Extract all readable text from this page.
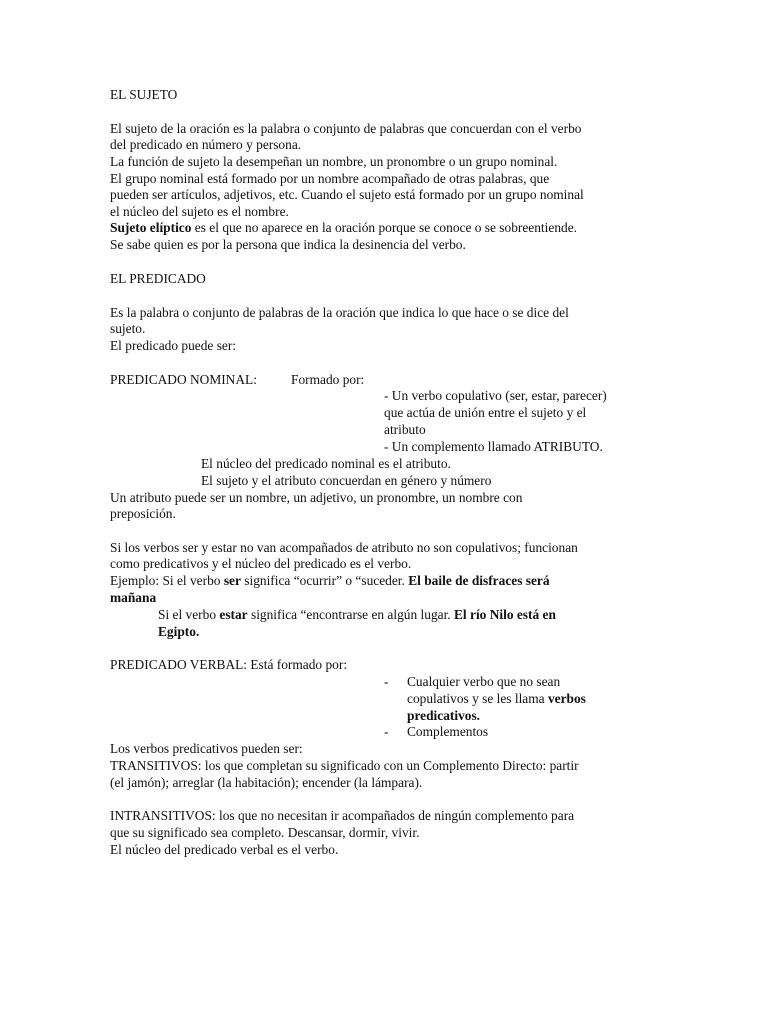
EL SUJETO
El sujeto de la oración es la palabra o conjunto de palabras que concuerdan con el verbo
del predicado en número y persona.
La función de sujeto la desempeñan un nombre, un pronombre o un grupo nominal.
El grupo nominal está formado por un nombre acompañado de otras palabras, que
pueden ser artículos, adjetivos, etc. Cuando el sujeto está formado por un grupo nominal
el núcleo del sujeto es el nombre.
Sujeto elíptico es el que no aparece en la oración porque se conoce o se sobreentiende.
Se sabe quien es por la persona que indica la desinencia del verbo.
EL PREDICADO
Es la palabra o conjunto de palabras de la oración que indica lo que hace o se dice del
sujeto.
El predicado puede ser:
PREDICADO NOMINAL:	Formado por:
- Un verbo copulativo (ser, estar, parecer)
que actúa de unión entre el sujeto y el
atributo
- Un complemento llamado ATRIBUTO.
El núcleo del predicado nominal es el atributo.
El sujeto y el atributo concuerdan en género y número
Un atributo puede ser un nombre, un adjetivo, un pronombre, un nombre con
preposición.
Si los verbos ser y estar no van acompañados de atributo no son copulativos; funcionan
como predicativos y el núcleo del predicado es el verbo.
Ejemplo: Si el verbo ser significa “ocurrir” o “suceder. El baile de disfraces será
mañana
Si el verbo estar significa “encontrarse en algún lugar. El río Nilo está en
Egipto.
PREDICADO VERBAL: Está formado por:
- Cualquier verbo que no sean
copulativos y se les llama verbos
predicativos.
- Complementos
Los verbos predicativos pueden ser:
TRANSITIVOS: los que completan su significado con un Complemento Directo: partir
(el jamón); arreglar (la habitación); encender (la lámpara).
INTRANSITIVOS: los que no necesitan ir acompañados de ningún complemento para
que su significado sea completo. Descansar, dormir, vivir.
El núcleo del predicado verbal es el verbo.
